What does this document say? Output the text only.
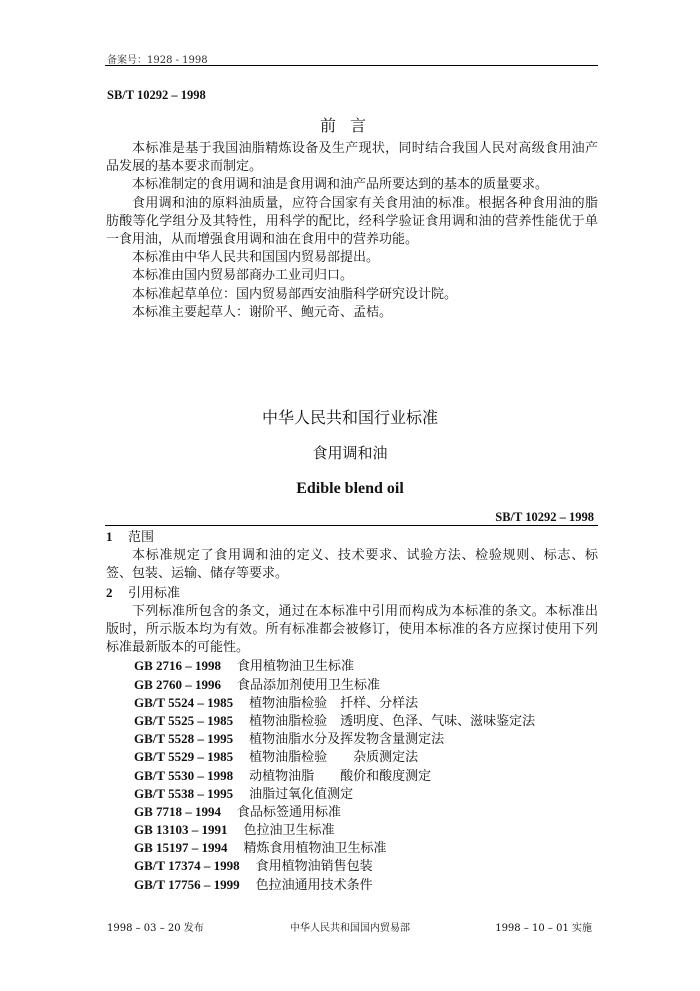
备案号：1928 - 1998
SB/T 10292 – 1998
前言

本标准是基于我国油脂精炼设备及生产现状，同时结合我国人民对高级食用油产品发展的基本要求而制定。

本标准制定的食用调和油是食用调和油产品所要达到的基本的质量要求。

食用调和油的原料油质量，应符合国家有关食用油的标准。根据各种食用油的脂肪酸等化学组分及其特性，用科学的配比，经科学验证食用调和油的营养性能优于单一食用油，从而增强食用调和油在食用中的营养功能。

本标准由中华人民共和国国内贸易部提出。

本标准由国内贸易部商办工业司归口。

本标准起草单位：国内贸易部西安油脂科学研究设计院。

本标准主要起草人：谢阶平、鲍元奇、孟桔。

中华人民共和国行业标准
食用调和油
Edible blend oil
SB/T 10292 – 1998

1 范围

本标准规定了食用调和油的定义、技术要求、试验方法、检验规则、标志、标签、包装、运输、储存等要求。

2 引用标准

下列标准所包含的条文，通过在本标准中引用而构成为本标准的条文。本标准出版时，所示版本均为有效。所有标准都会被修订，使用本标准的各方应探讨使用下列标准最新版本的可能性。

GB 2716 – 1998 食用植物油卫生标准
GB 2760 – 1996 食品添加剂使用卫生标准
GB/T 5524 – 1985 植物油脂检验　扦样、分样法
GB/T 5525 – 1985 植物油脂检验　透明度、色泽、气味、滋味鉴定法
GB/T 5528 – 1995 植物油脂水分及挥发物含量测定法
GB/T 5529 – 1985 植物油脂检验　　杂质测定法
GB/T 5530 – 1998 动植物油脂　　酸价和酸度测定
GB/T 5538 – 1995 油脂过氧化值测定
GB 7718 – 1994 食品标签通用标准
GB 13103 – 1991 色拉油卫生标准
GB 15197 – 1994 精炼食用植物油卫生标准
GB/T 17374 – 1998 食用植物油销售包装
GB/T 17756 – 1999 色拉油通用技术条件
1998 – 03 – 20 发布	中华人民共和国国内贸易部	1998 – 10 – 01 实施
